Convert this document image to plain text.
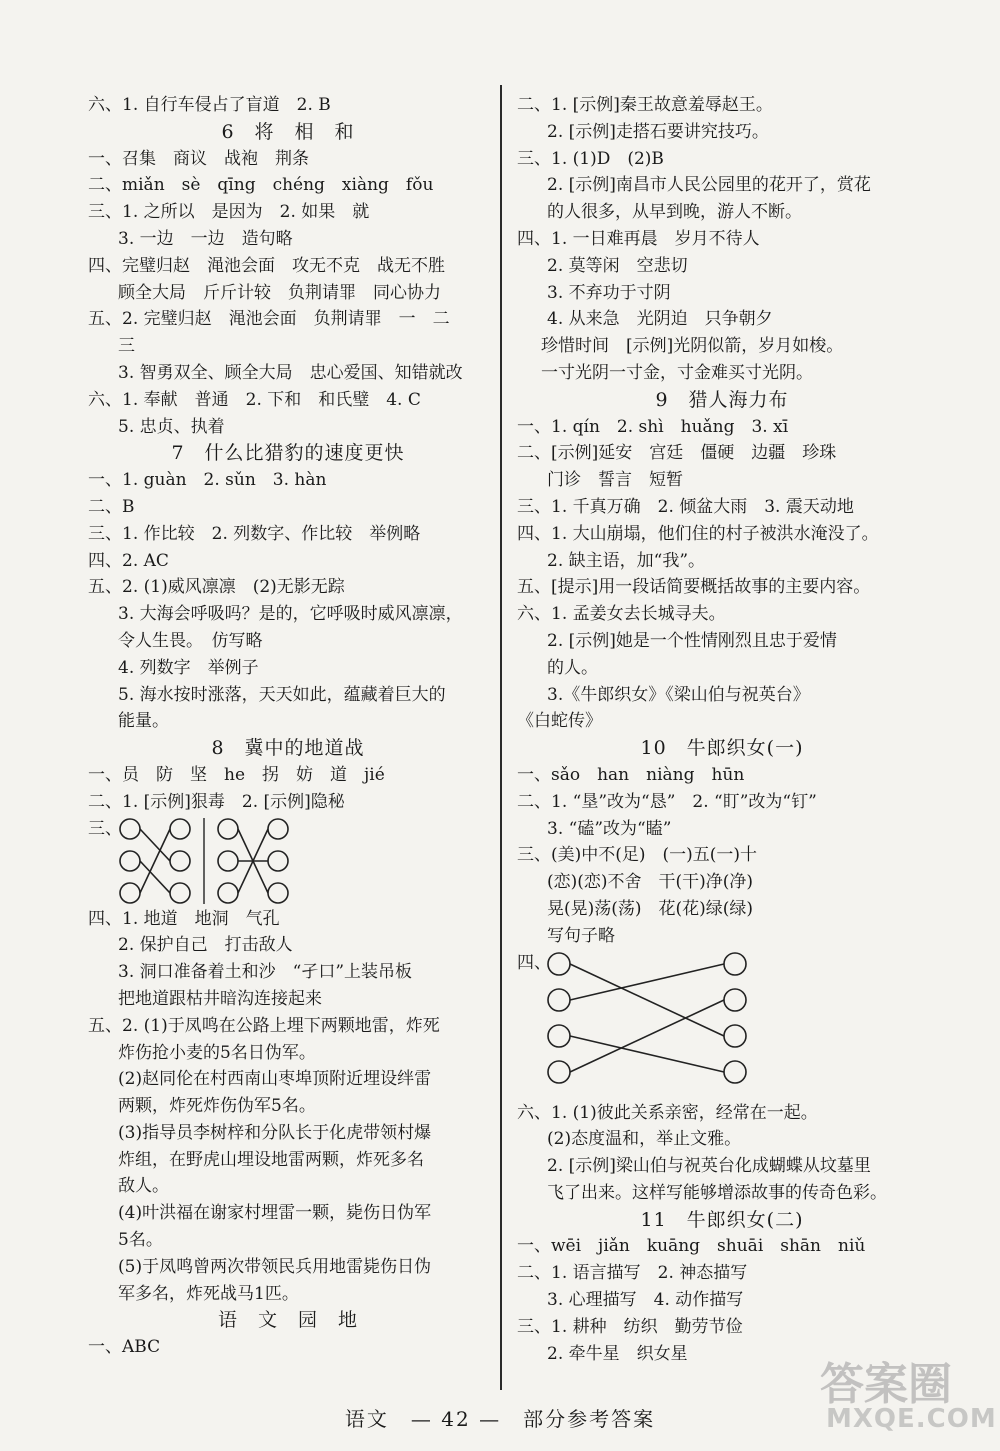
六、1. 自行车侵占了盲道　2. B
6　将　相　和
一、召集　商议　战袍　荆条
二、miǎn　sè　qīng　chéng　xiàng　fǒu
三、1. 之所以　是因为　2. 如果　就
3. 一边　一边　造句略
四、完璧归赵　渑池会面　攻无不克　战无不胜
顾全大局　斤斤计较　负荆请罪　同心协力
五、2. 完璧归赵　渑池会面　负荆请罪　一　二
三
3. 智勇双全、顾全大局　忠心爱国、知错就改
六、1. 奉献　普通　2. 下和　和氏璧　4. C
5. 忠贞、执着
7　什么比猎豹的速度更快
一、1. guàn　2. sǔn　3. hàn
二、B
三、1. 作比较　2. 列数字、作比较　举例略
四、2. AC
五、2. (1)威风凛凛　(2)无影无踪
3. 大海会呼吸吗？是的，它呼吸时威风凛凛，
令人生畏。　仿写略
4. 列数字　举例子
5. 海水按时涨落，天天如此，蕴藏着巨大的
能量。
8　冀中的地道战
一、员　防　坚　he　拐　妨　道　jié
二、1. [示例]狠毒　2. [示例]隐秘
三、
四、1. 地道　地洞　气孔
2. 保护自己　打击敌人
3. 洞口准备着土和沙　“孑口”上装吊板
把地道跟枯井暗沟连接起来
五、2. (1)于凤鸣在公路上埋下两颗地雷，炸死
炸伤抢小麦的5名日伪军。
(2)赵同伦在村西南山枣埠顶附近埋设绊雷
两颗，炸死炸伤伪军5名。
(3)指导员李树梓和分队长于化虎带领村爆
炸组，在野虎山埋设地雷两颗，炸死多名
敌人。
(4)叶洪福在谢家村埋雷一颗，毙伤日伪军
5名。
(5)于凤鸣曾两次带领民兵用地雷毙伤日伪
军多名，炸死战马1匹。
语　文　园　地
一、ABC
二、1. [示例]秦王故意羞辱赵王。
2. [示例]走搭石要讲究技巧。
三、1. (1)D　(2)B
2. [示例]南昌市人民公园里的花开了，赏花
的人很多，从早到晚，游人不断。
四、1. 一日难再晨　岁月不待人
2. 莫等闲　空悲切
3. 不弃功于寸阴
4. 从来急　光阴迫　只争朝夕
珍惜时间　[示例]光阴似箭，岁月如梭。
一寸光阴一寸金，寸金难买寸光阴。
9　猎人海力布
一、1. qín　2. shì　huǎng　3. xī
二、[示例]延安　宫廷　僵硬　边疆　珍珠
门诊　誓言　短暂
三、1. 千真万确　2. 倾盆大雨　3. 震天动地
四、1. 大山崩塌，他们住的村子被洪水淹没了。
2. 缺主语，加“我”。
五、[提示]用一段话简要概括故事的主要内容。
六、1. 孟姜女去长城寻夫。
2. [示例]她是一个性情刚烈且忠于爱情
的人。
3.《牛郎织女》《梁山伯与祝英台》
《白蛇传》
10　牛郎织女(一)
一、sǎo　han　niàng　hūn
二、1. “垦”改为“恳”　2. “盯”改为“钉”
3. “磕”改为“瞌”
三、(美)中不(足)　(一)五(一)十
(恋)(恋)不舍　干(干)净(净)
晃(晃)荡(荡)　花(花)绿(绿)
写句子略
四、
六、1. (1)彼此关系亲密，经常在一起。
(2)态度温和，举止文雅。
2. [示例]梁山伯与祝英台化成蝴蝶从坟墓里
飞了出来。这样写能够增添故事的传奇色彩。
11　牛郎织女(二)
一、wēi　jiǎn　kuāng　shuāi　shān　niǔ
二、1. 语言描写　2. 神态描写
3. 心理描写　4. 动作描写
三、1. 耕种　纺织　勤劳节俭
2. 牵牛星　织女星
语文　— 42 —　部分参考答案
答案圈
MXQE.COM
